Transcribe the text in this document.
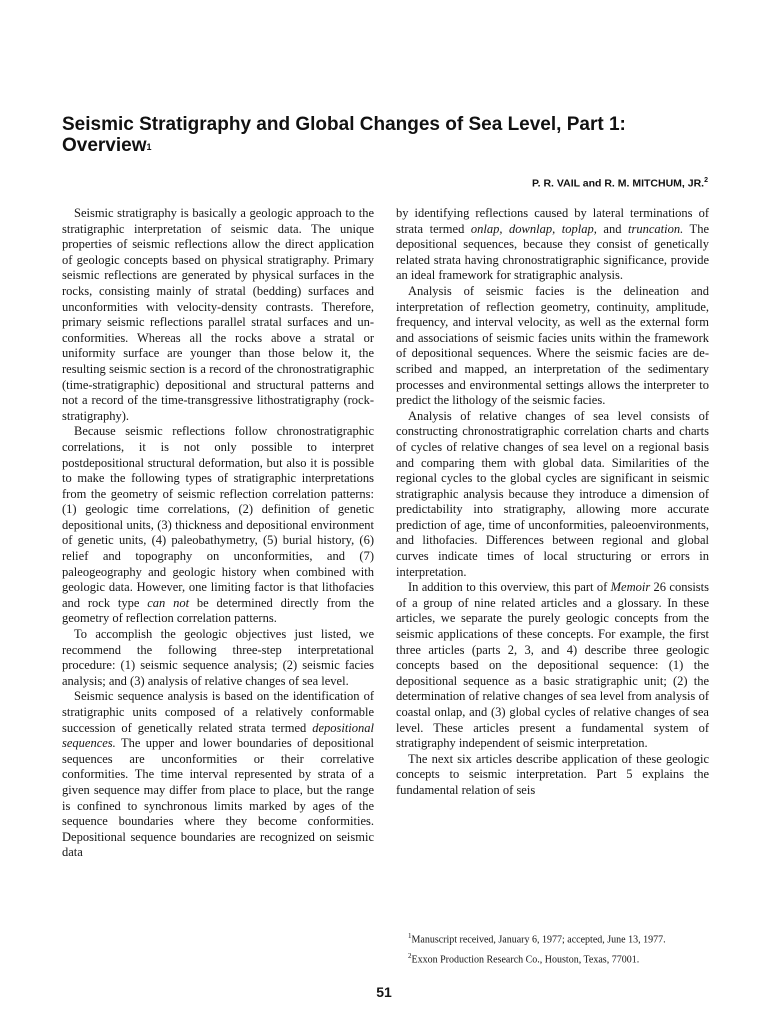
Seismic Stratigraphy and Global Changes of Sea Level, Part 1: Overview$^1$
P. R. VAIL and R. M. MITCHUM, JR.$^2$

Seismic stratigraphy is basically a geologic approach to the stratigraphic interpretation of seismic data. The unique properties of seismic reflections allow the direct application of geologic concepts based on physical stratigraphy. Primary seismic reflections are generated by physical surfaces in the rocks, consisting mainly of stratal (bedding) surfaces and unconformities with velocity-density contrasts. Therefore, primary seismic reflections parallel stratal surfaces and unconformities. Whereas all the rocks above a stratal or uniformity surface are younger than those below it, the resulting seismic section is a record of the chronostratigraphic (time-stratigraphic) depositional and structural patterns and not a record of the time-transgressive lithostratigraphy (rock-stratigraphy).

Because seismic reflections follow chronostratigraphic correlations, it is not only possible to interpret postdepositional structural deformation, but also it is possible to make the following types of stratigraphic interpretations from the geometry of seismic reflection correlation patterns: (1) geologic time correlations, (2) definition of genetic depositional units, (3) thickness and depositional environment of genetic units, (4) paleobathymetry, (5) burial history, (6) relief and topography on unconformities, and (7) paleogeography and geologic history when combined with geologic data. However, one limiting factor is that lithofacies and rock type can not be determined directly from the geometry of reflection correlation patterns.

To accomplish the geologic objectives just listed, we recommend the following three-step interpretational procedure: (1) seismic sequence analysis; (2) seismic facies analysis; and (3) analysis of relative changes of sea level.

Seismic sequence analysis is based on the identification of stratigraphic units composed of a relatively conformable succession of genetically related strata termed depositional sequences. The upper and lower boundaries of depositional sequences are unconformities or their correlative conformities. The time interval represented by strata of a given sequence may differ from place to place, but the range is confined to synchronous limits marked by ages of the sequence boundaries where they become conformities. Depositional sequence boundaries are recognized on seismic data

by identifying reflections caused by lateral terminations of strata termed onlap, downlap, toplap, and truncation. The depositional sequences, because they consist of genetically related strata having chronostratigraphic significance, provide an ideal framework for stratigraphic analysis.

Analysis of seismic facies is the delineation and interpretation of reflection geometry, continuity, amplitude, frequency, and interval velocity, as well as the external form and associations of seismic facies units within the framework of depositional sequences. Where the seismic facies are described and mapped, an interpretation of the sedimentary processes and environmental settings allows the interpreter to predict the lithology of the seismic facies.

Analysis of relative changes of sea level consists of constructing chronostratigraphic correlation charts and charts of cycles of relative changes of sea level on a regional basis and comparing them with global data. Similarities of the regional cycles to the global cycles are significant in seismic stratigraphic analysis because they introduce a dimension of predictability into stratigraphy, allowing more accurate prediction of age, time of unconformities, paleoenvironments, and lithofacies. Differences between regional and global curves indicate times of local structuring or errors in interpretation.

In addition to this overview, this part of Memoir 26 consists of a group of nine related articles and a glossary. In these articles, we separate the purely geologic concepts from the seismic applications of these concepts. For example, the first three articles (parts 2, 3, and 4) describe three geologic concepts based on the depositional sequence: (1) the depositional sequence as a basic stratigraphic unit; (2) the determination of relative changes of sea level from analysis of coastal onlap, and (3) global cycles of relative changes of sea level. These articles present a fundamental system of stratigraphy independent of seismic interpretation.

The next six articles describe application of these geologic concepts to seismic interpretation. Part 5 explains the fundamental relation of seis

$^1$Manuscript received, January 6, 1977; accepted, June 13, 1977.

$^2$Exxon Production Research Co., Houston, Texas, 77001.

51
